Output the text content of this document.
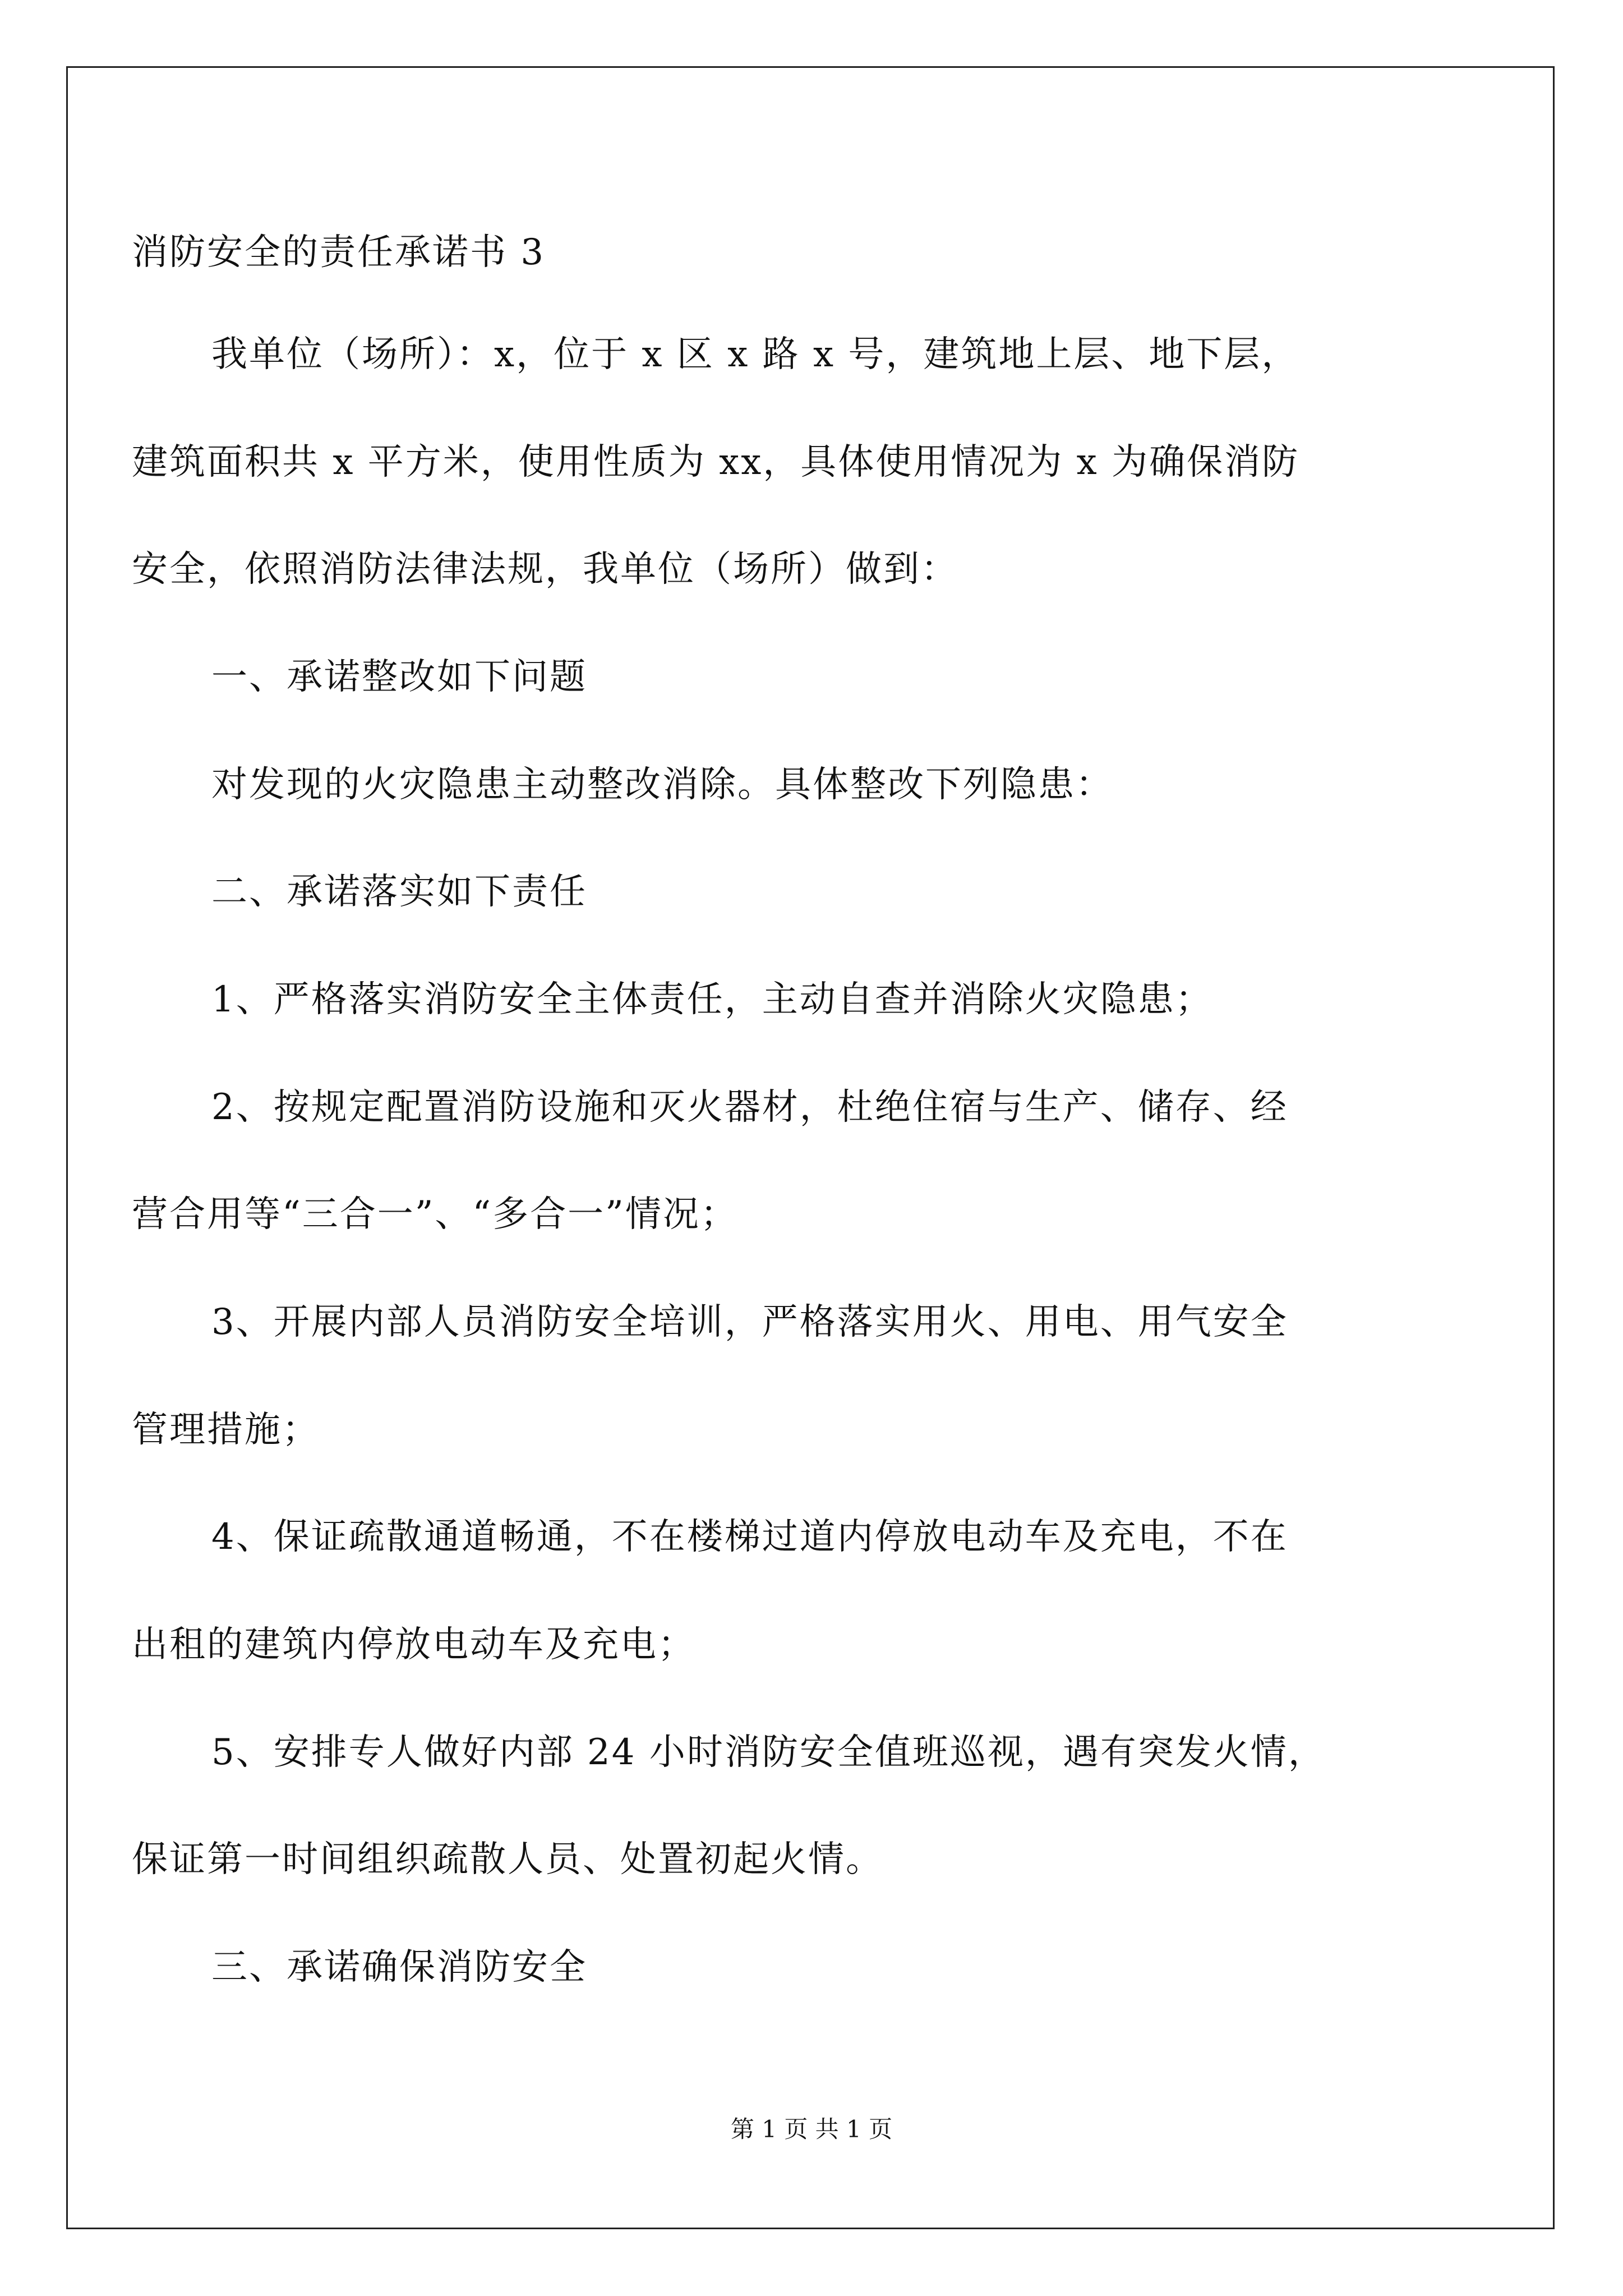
消防安全的责任承诺书 3
我单位（场所）：x，位于 x 区 x 路 x 号，建筑地上层、地下层，
建筑面积共 x 平方米，使用性质为 xx，具体使用情况为 x 为确保消防
安全，依照消防法律法规，我单位（场所）做到：
一、承诺整改如下问题
对发现的火灾隐患主动整改消除。具体整改下列隐患：
二、承诺落实如下责任
1、严格落实消防安全主体责任，主动自查并消除火灾隐患；
2、按规定配置消防设施和灭火器材，杜绝住宿与生产、储存、经
营合用等“三合一”、“多合一”情况；
3、开展内部人员消防安全培训，严格落实用火、用电、用气安全
管理措施；
4、保证疏散通道畅通，不在楼梯过道内停放电动车及充电，不在
出租的建筑内停放电动车及充电；
5、安排专人做好内部 24 小时消防安全值班巡视，遇有突发火情，
保证第一时间组织疏散人员、处置初起火情。
三、承诺确保消防安全
第 1 页 共 1 页
